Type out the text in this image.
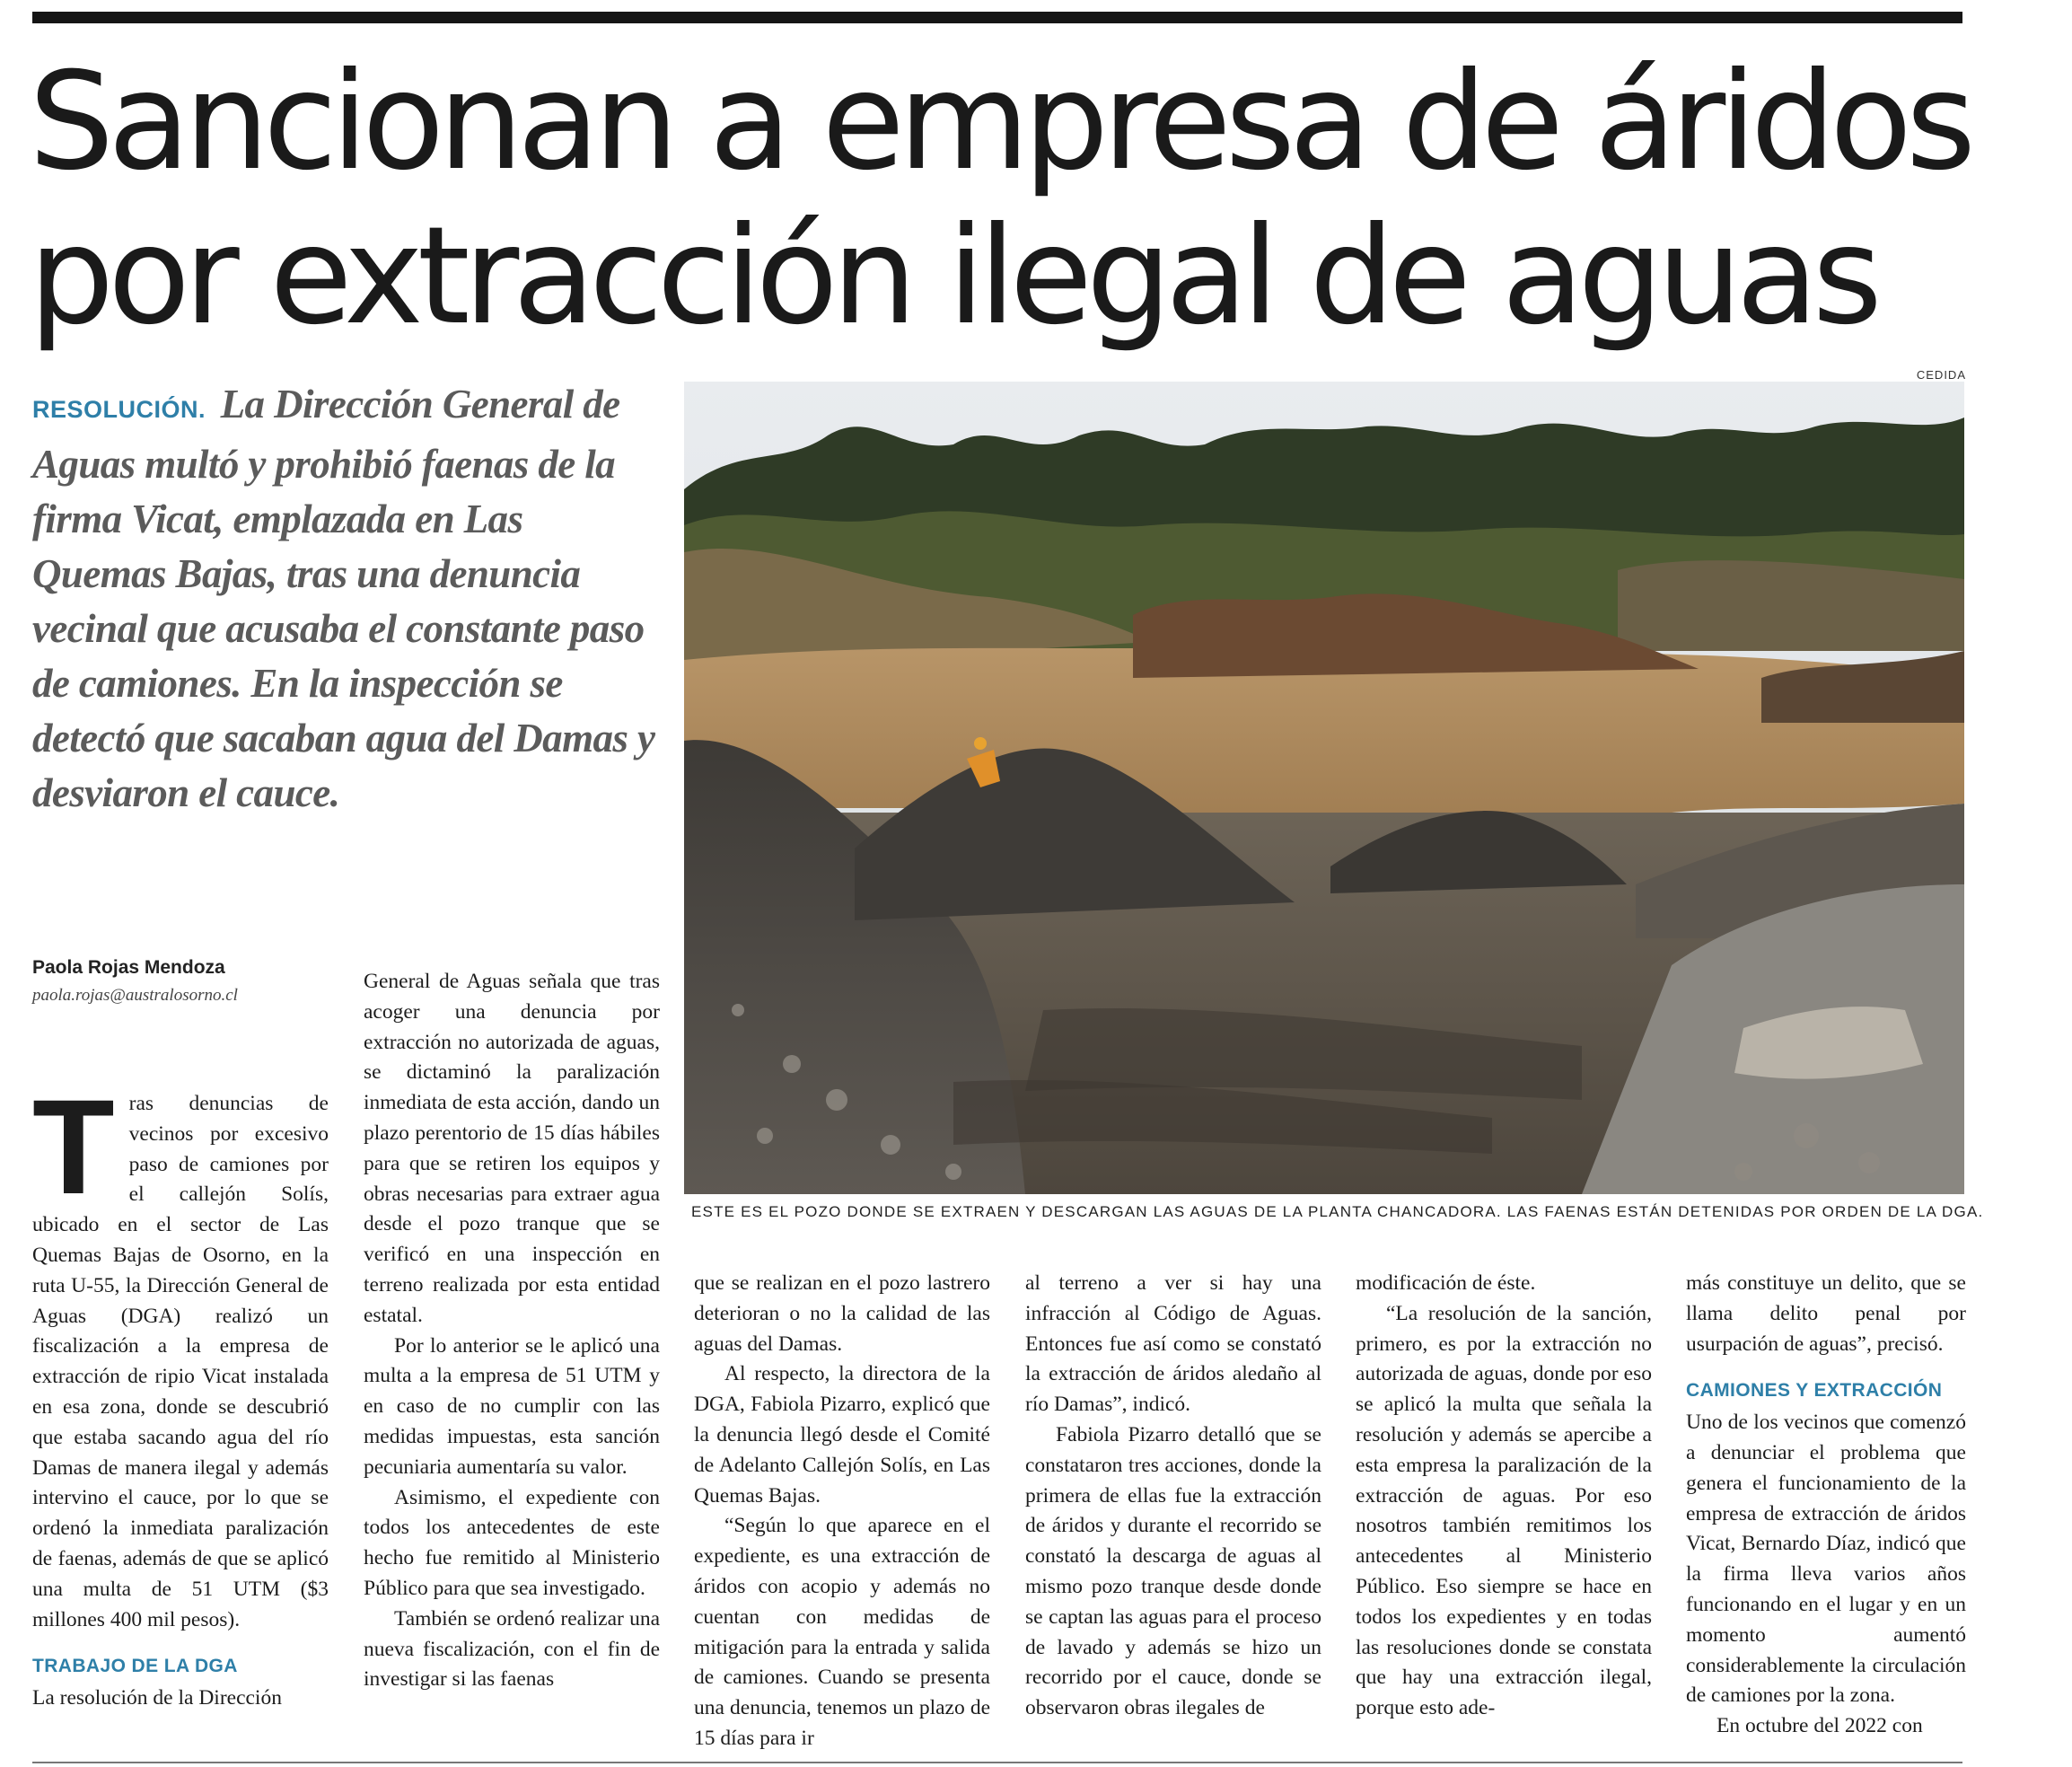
Sancionan a empresa de áridos
por extracción ilegal de aguas

RESOLUCIÓN. La Dirección General de Aguas multó y prohibió faenas de la firma Vicat, emplazada en Las Quemas Bajas, tras una denuncia vecinal que acusaba el constante paso de camiones. En la inspección se detectó que sacaban agua del Damas y desviaron el cauce.

Paola Rojas Mendoza
paola.rojas@australosorno.cl
CEDIDA
ESTE ES EL POZO DONDE SE EXTRAEN Y DESCARGAN LAS AGUAS DE LA PLANTA CHANCADORA. LAS FAENAS ESTÁN DETENIDAS POR ORDEN DE LA DGA.
T ras denuncias de vecinos por excesivo paso de camiones por el callejón Solís, ubicado en el sector de Las Quemas Bajas de Osorno, en la ruta U-55, la Dirección General de Aguas (DGA) realizó un fiscalización a la empresa de extracción de ripio Vicat instalada en esa zona, donde se descubrió que estaba sacando agua del río Damas de manera ilegal y además intervino el cauce, por lo que se ordenó la inmediata paralización de faenas, además de que se aplicó una multa de 51 UTM ($3 millones 400 mil pesos).

TRABAJO DE LA DGA

La resolución de la Dirección

General de Aguas señala que tras acoger una denuncia por extracción no autorizada de aguas, se dictaminó la paralización inmediata de esta acción, dando un plazo perentorio de 15 días hábiles para que se retiren los equipos y obras necesarias para extraer agua desde el pozo tranque que se verificó en una inspección en terreno realizada por esta entidad estatal.

Por lo anterior se le aplicó una multa a la empresa de 51 UTM y en caso de no cumplir con las medidas impuestas, esta sanción pecuniaria aumentaría su valor.

Asimismo, el expediente con todos los antecedentes de este hecho fue remitido al Ministerio Público para que sea investigado.

También se ordenó realizar una nueva fiscalización, con el fin de investigar si las faenas

que se realizan en el pozo lastrero deterioran o no la calidad de las aguas del Damas.

Al respecto, la directora de la DGA, Fabiola Pizarro, explicó que la denuncia llegó desde el Comité de Adelanto Callejón Solís, en Las Quemas Bajas.

“Según lo que aparece en el expediente, es una extracción de áridos con acopio y además no cuentan con medidas de mitigación para la entrada y salida de camiones. Cuando se presenta una denuncia, tenemos un plazo de 15 días para ir

al terreno a ver si hay una infracción al Código de Aguas. Entonces fue así como se constató la extracción de áridos aledaño al río Damas”, indicó.

Fabiola Pizarro detalló que se constataron tres acciones, donde la primera de ellas fue la extracción de áridos y durante el recorrido se constató la descarga de aguas al mismo pozo tranque desde donde se captan las aguas para el proceso de lavado y además se hizo un recorrido por el cauce, donde se observaron obras ilegales de

modificación de éste.

“La resolución de la sanción, primero, es por la extracción no autorizada de aguas, donde por eso se aplicó la multa que señala la resolución y además se apercibe a esta empresa la paralización de la extracción de aguas. Por eso nosotros también remitimos los antecedentes al Ministerio Público. Eso siempre se hace en todos los expedientes y en todas las resoluciones donde se constata que hay una extracción ilegal, porque esto ade-

más constituye un delito, que se llama delito penal por usurpación de aguas”, precisó.

CAMIONES Y EXTRACCIÓN

Uno de los vecinos que comenzó a denunciar el problema que genera el funcionamiento de la empresa de extracción de áridos Vicat, Bernardo Díaz, indicó que la firma lleva varios años funcionando en el lugar y en un momento aumentó considerablemente la circulación de camiones por la zona.

En octubre del 2022 con
